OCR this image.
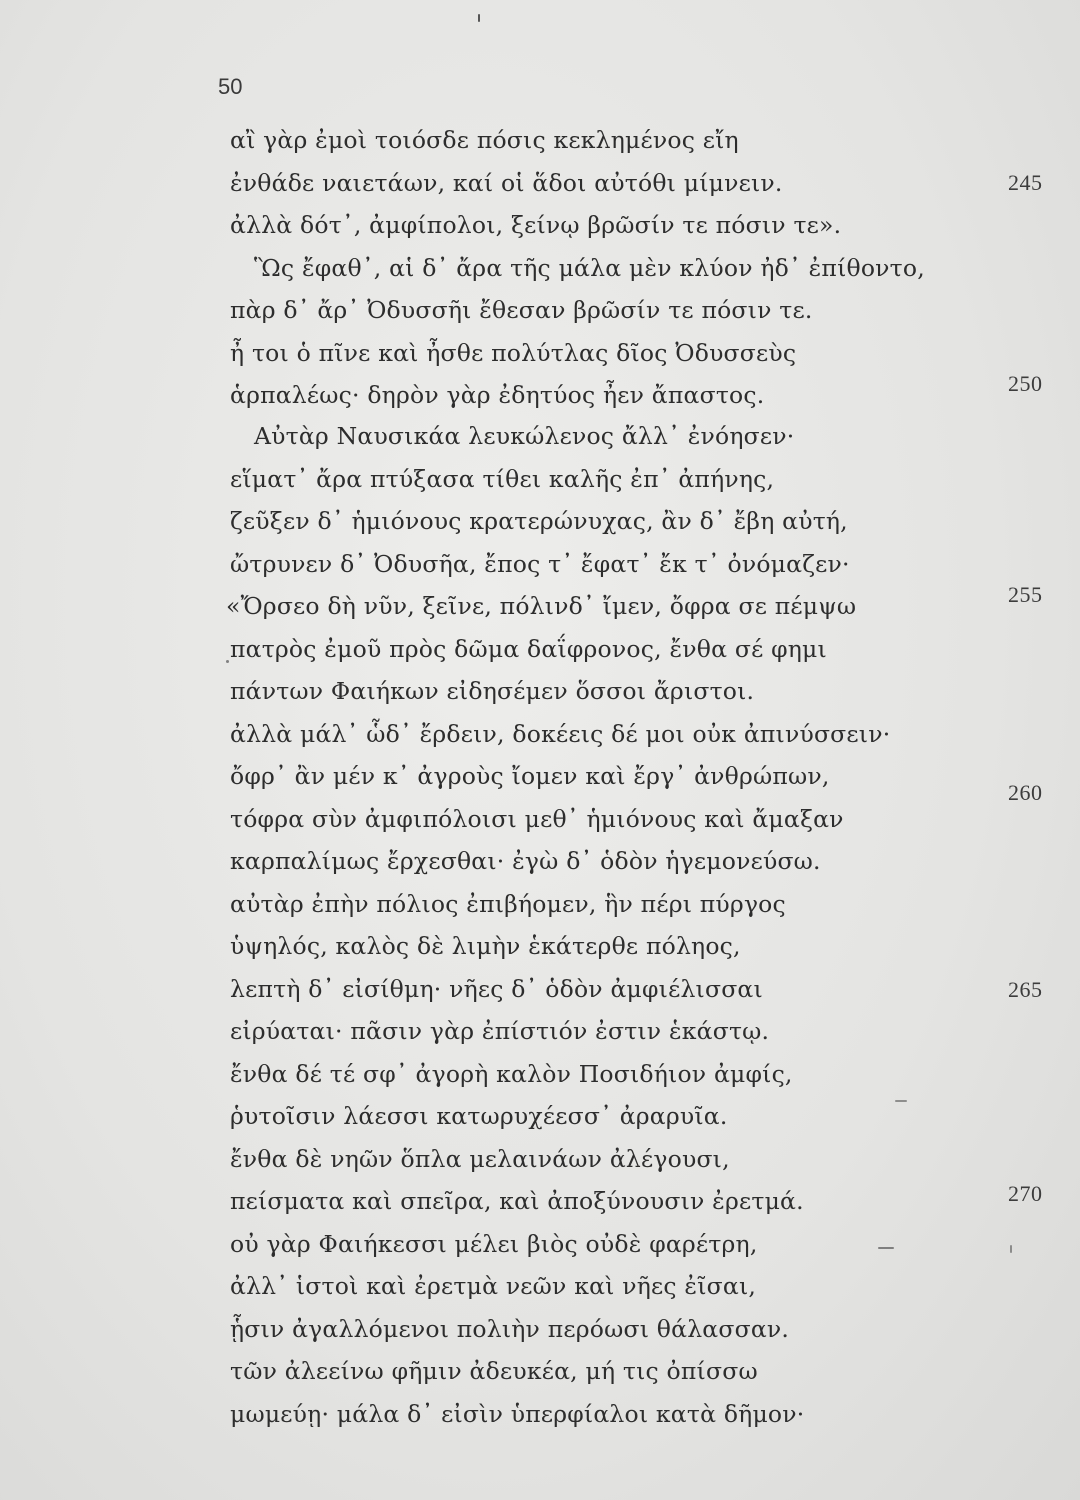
50
αἲ γὰρ ἐμοὶ τοιόσδε πόσις κεκλημένος εἴη
ἐνθάδε ναιετάων, καί οἱ ἅδοι αὐτόθι μίμνειν.
ἀλλὰ δότ᾽, ἀμφίπολοι, ξείνῳ βρῶσίν τε πόσιν τε».
Ὣς ἔφαθ᾽, αἱ δ᾽ ἄρα τῆς μάλα μὲν κλύον ἠδ᾽ ἐπίθοντο,
πὰρ δ᾽ ἄρ᾽ Ὀδυσσῆι ἔθεσαν βρῶσίν τε πόσιν τε.
ἦ τοι ὁ πῖνε καὶ ἦσθε πολύτλας δῖος Ὀδυσσεὺς
ἁρπαλέως· δηρὸν γὰρ ἐδητύος ἦεν ἄπαστος.
Αὐτὰρ Ναυσικάα λευκώλενος ἄλλ᾽ ἐνόησεν·
εἵματ᾽ ἄρα πτύξασα τίθει καλῆς ἐπ᾽ ἀπήνης,
ζεῦξεν δ᾽ ἡμιόνους κρατερώνυχας, ἂν δ᾽ ἔβη αὐτή,
ὤτρυνεν δ᾽ Ὀδυσῆα, ἔπος τ᾽ ἔφατ᾽ ἔκ τ᾽ ὀνόμαζεν·
«Ὄρσεο δὴ νῦν, ξεῖνε, πόλινδ᾽ ἴμεν, ὄφρα σε πέμψω
πατρὸς ἐμοῦ πρὸς δῶμα δαΐφρονος, ἔνθα σέ φημι
πάντων Φαιήκων εἰδησέμεν ὅσσοι ἄριστοι.
ἀλλὰ μάλ᾽ ὧδ᾽ ἔρδειν, δοκέεις δέ μοι οὐκ ἀπινύσσειν·
ὄφρ᾽ ἂν μέν κ᾽ ἀγροὺς ἴομεν καὶ ἔργ᾽ ἀνθρώπων,
τόφρα σὺν ἀμφιπόλοισι μεθ᾽ ἡμιόνους καὶ ἄμαξαν
καρπαλίμως ἔρχεσθαι· ἐγὼ δ᾽ ὁδὸν ἡγεμονεύσω.
αὐτὰρ ἐπὴν πόλιος ἐπιβήομεν, ἣν πέρι πύργος
ὑψηλός, καλὸς δὲ λιμὴν ἑκάτερθε πόληος,
λεπτὴ δ᾽ εἰσίθμη· νῆες δ᾽ ὁδὸν ἀμφιέλισσαι
εἰρύαται· πᾶσιν γὰρ ἐπίστιόν ἐστιν ἑκάστῳ.
ἔνθα δέ τέ σφ᾽ ἀγορὴ καλὸν Ποσιδήιον ἀμφίς,
ῥυτοῖσιν λάεσσι κατωρυχέεσσ᾽ ἀραρυῖα.
ἔνθα δὲ νηῶν ὅπλα μελαινάων ἀλέγουσι,
πείσματα καὶ σπεῖρα, καὶ ἀποξύνουσιν ἐρετμά.
οὐ γὰρ Φαιήκεσσι μέλει βιὸς οὐδὲ φαρέτρη,
ἀλλ᾽ ἱστοὶ καὶ ἐρετμὰ νεῶν καὶ νῆες ἐῖσαι,
ᾗσιν ἀγαλλόμενοι πολιὴν περόωσι θάλασσαν.
τῶν ἀλεείνω φῆμιν ἀδευκέα, μή τις ὀπίσσω
μωμεύῃ· μάλα δ᾽ εἰσὶν ὑπερφίαλοι κατὰ δῆμον·
245
250
255
260
265
270
